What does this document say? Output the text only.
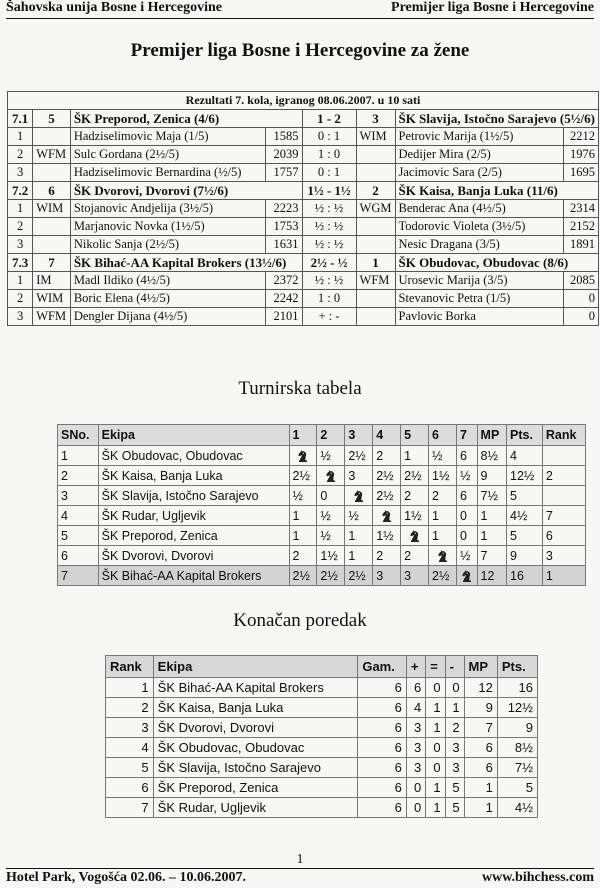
Šahovska unija Bosne i Hercegovine	Premijer liga Bosne i Hercegovine
Premijer liga Bosne i Hercegovine za žene
Rezultati 7. kola, igranog 08.06.2007. u 10 sati							
7.1	5	ŠK Preporod, Zenica (4/6)		1 - 2	3	ŠK Slavija, Istočno Sarajevo (5½/6)	
1		Hadziselimovic Maja (1/5)	1585	0 : 1	WIM	Petrovic Marija (1½/5)	2212
2	WFM	Sulc Gordana (2½/5)	2039	1 : 0		Dedijer Mira (2/5)	1976
3		Hadziselimovic Bernardina (½/5)	1757	0 : 1		Jacimovic Sara (2/5)	1695
7.2	6	ŠK Dvorovi, Dvorovi (7½/6)		1½ - 1½	2	ŠK Kaisa, Banja Luka (11/6)	
1	WIM	Stojanovic Andjelija (3½/5)	2223	½ : ½	WGM	Benderac Ana (4½/5)	2314
2		Marjanovic Novka (1½/5)	1753	½ : ½		Todorovic Violeta (3½/5)	2152
3		Nikolic Sanja (2½/5)	1631	½ : ½		Nesic Dragana (3/5)	1891
7.3	7	ŠK Bihać-AA Kapital Brokers (13½/6)		2½ - ½	1	ŠK Obudovac, Obudovac (8/6)	
1	IM	Madl Ildiko (4½/5)	2372	½ : ½	WFM	Urosevic Marija (3/5)	2085
2	WIM	Boric Elena (4½/5)	2242	1 : 0		Stevanovic Petra (1/5)	0
3	WFM	Dengler Dijana (4½/5)	2101	+ : -		Pavlovic Borka	0
Turnirska tabela
SNo.	Ekipa	1	2	3	4	5	6	7	MP	Pts.	Rank
1	ŠK Obudovac, Obudovac		½	2½	2	1	½	6	8½	4	
2	ŠK Kaisa, Banja Luka	2½		3	2½	2½	1½	½	9	12½	2
3	ŠK Slavija, Istočno Sarajevo	½	0		2½	2	2	6	7½	5	
4	ŠK Rudar, Ugljevik	1	½	½		1½	1	0	1	4½	7
5	ŠK Preporod, Zenica	1	½	1	1½		1	0	1	5	6
6	ŠK Dvorovi, Dvorovi	2	1½	1	2	2		½	7	9	3
7	ŠK Bihać-AA Kapital Brokers	2½	2½	2½	3	3	2½		12	16	1
Konačan poredak
Rank	Ekipa	Gam.	+	=	-	MP	Pts.
1	ŠK Bihać-AA Kapital Brokers	6	6	0	0	12	16
2	ŠK Kaisa, Banja Luka	6	4	1	1	9	12½
3	ŠK Dvorovi, Dvorovi	6	3	1	2	7	9
4	ŠK Obudovac, Obudovac	6	3	0	3	6	8½
5	ŠK Slavija, Istočno Sarajevo	6	3	0	3	6	7½
6	ŠK Preporod, Zenica	6	0	1	5	1	5
7	ŠK Rudar, Ugljevik	6	0	1	5	1	4½
1
Hotel Park, Vogošća 02.06. – 10.06.2007.	www.bihchess.com
